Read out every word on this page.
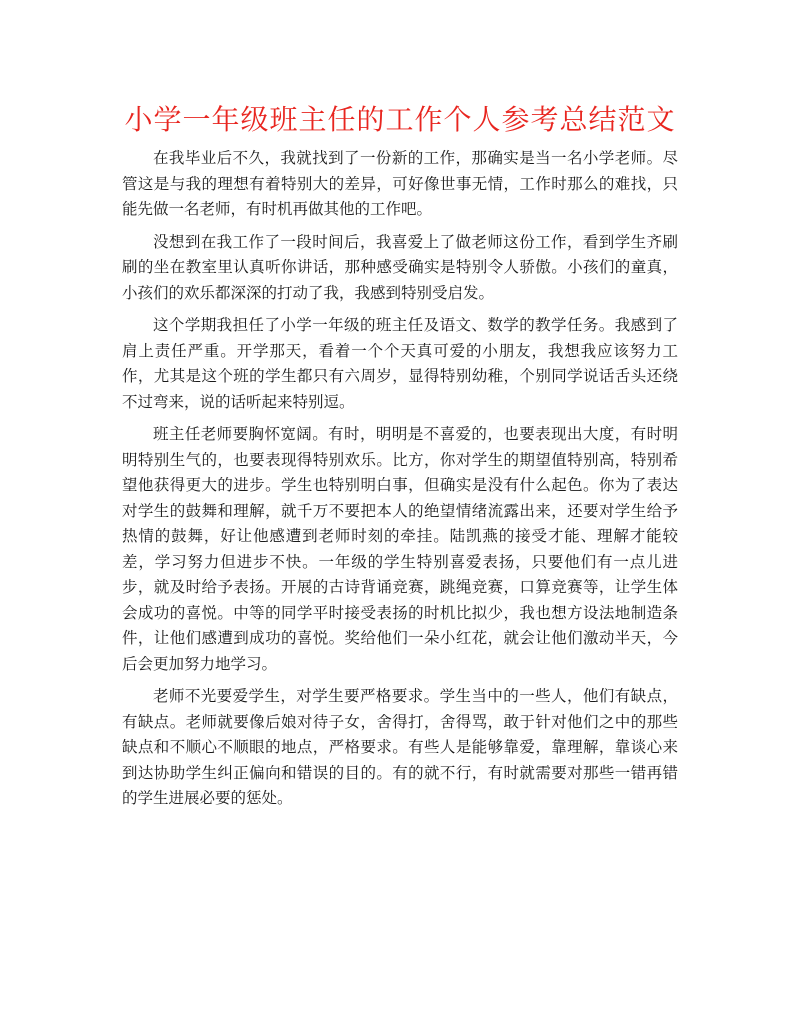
小学一年级班主任的工作个人参考总结范文

在我毕业后不久，我就找到了一份新的工作，那确实是当一名小学老师。尽管这是与我的理想有着特别大的差异，可好像世事无情，工作时那么的难找，只能先做一名老师，有时机再做其他的工作吧。

没想到在我工作了一段时间后，我喜爱上了做老师这份工作，看到学生齐刷刷的坐在教室里认真听你讲话，那种感受确实是特别令人骄傲。小孩们的童真，小孩们的欢乐都深深的打动了我，我感到特别受启发。

这个学期我担任了小学一年级的班主任及语文、数学的教学任务。我感到了肩上责任严重。开学那天，看着一个个天真可爱的小朋友，我想我应该努力工作，尤其是这个班的学生都只有六周岁，显得特别幼稚，个别同学说话舌头还绕不过弯来，说的话听起来特别逗。

班主任老师要胸怀宽阔。有时，明明是不喜爱的，也要表现出大度，有时明明特别生气的，也要表现得特别欢乐。比方，你对学生的期望值特别高，特别希望他获得更大的进步。学生也特别明白事，但确实是没有什么起色。你为了表达对学生的鼓舞和理解，就千万不要把本人的绝望情绪流露出来，还要对学生给予热情的鼓舞，好让他感遭到老师时刻的牵挂。陆凯燕的接受才能、理解才能较差，学习努力但进步不快。一年级的学生特别喜爱表扬，只要他们有一点儿进步，就及时给予表扬。开展的古诗背诵竞赛，跳绳竞赛，口算竞赛等，让学生体会成功的喜悦。中等的同学平时接受表扬的时机比拟少，我也想方设法地制造条件，让他们感遭到成功的喜悦。奖给他们一朵小红花，就会让他们激动半天，今后会更加努力地学习。

老师不光要爱学生，对学生要严格要求。学生当中的一些人，他们有缺点，有缺点。老师就要像后娘对待子女，舍得打，舍得骂，敢于针对他们之中的那些缺点和不顺心不顺眼的地点，严格要求。有些人是能够靠爱，靠理解，靠谈心来到达协助学生纠正偏向和错误的目的。有的就不行，有时就需要对那些一错再错的学生进展必要的惩处。
